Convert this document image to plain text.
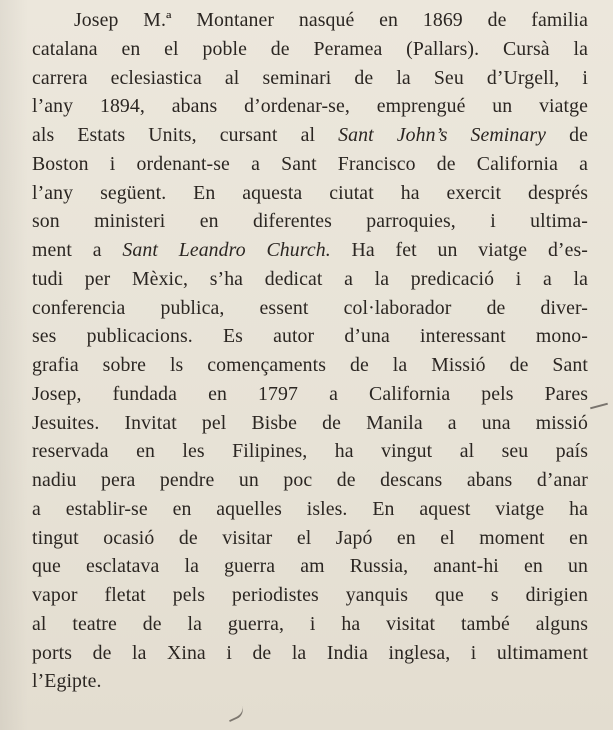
Josep M.ª Montaner nasqué en 1869 de familia
catalana en el poble de Peramea (Pallars). Cursà la
carrera eclesiastica al seminari de la Seu d’Urgell, i
l’any 1894, abans d’ordenar-se, emprengué un viatge
als Estats Units, cursant al Sant John’s Seminary de
Boston i ordenant-se a Sant Francisco de California a
l’any següent. En aquesta ciutat ha exercit després
son ministeri en diferentes parroquies, i ultima-
ment a Sant Leandro Church. Ha fet un viatge d’es-
tudi per Mèxic, s’ha dedicat a la predicació i a la
conferencia publica, essent col·laborador de diver-
ses publicacions. Es autor d’una interessant mono-
grafia sobre ls començaments de la Missió de Sant
Josep, fundada en 1797 a California pels Pares
Jesuites. Invitat pel Bisbe de Manila a una missió
reservada en les Filipines, ha vingut al seu país
nadiu pera pendre un poc de descans abans d’anar
a establir-se en aquelles isles. En aquest viatge ha
tingut ocasió de visitar el Japó en el moment en
que esclatava la guerra am Russia, anant-hi en un
vapor fletat pels periodistes yanquis que s dirigien
al teatre de la guerra, i ha visitat també alguns
ports de la Xina i de la India inglesa, i ultimament
l’Egipte.
